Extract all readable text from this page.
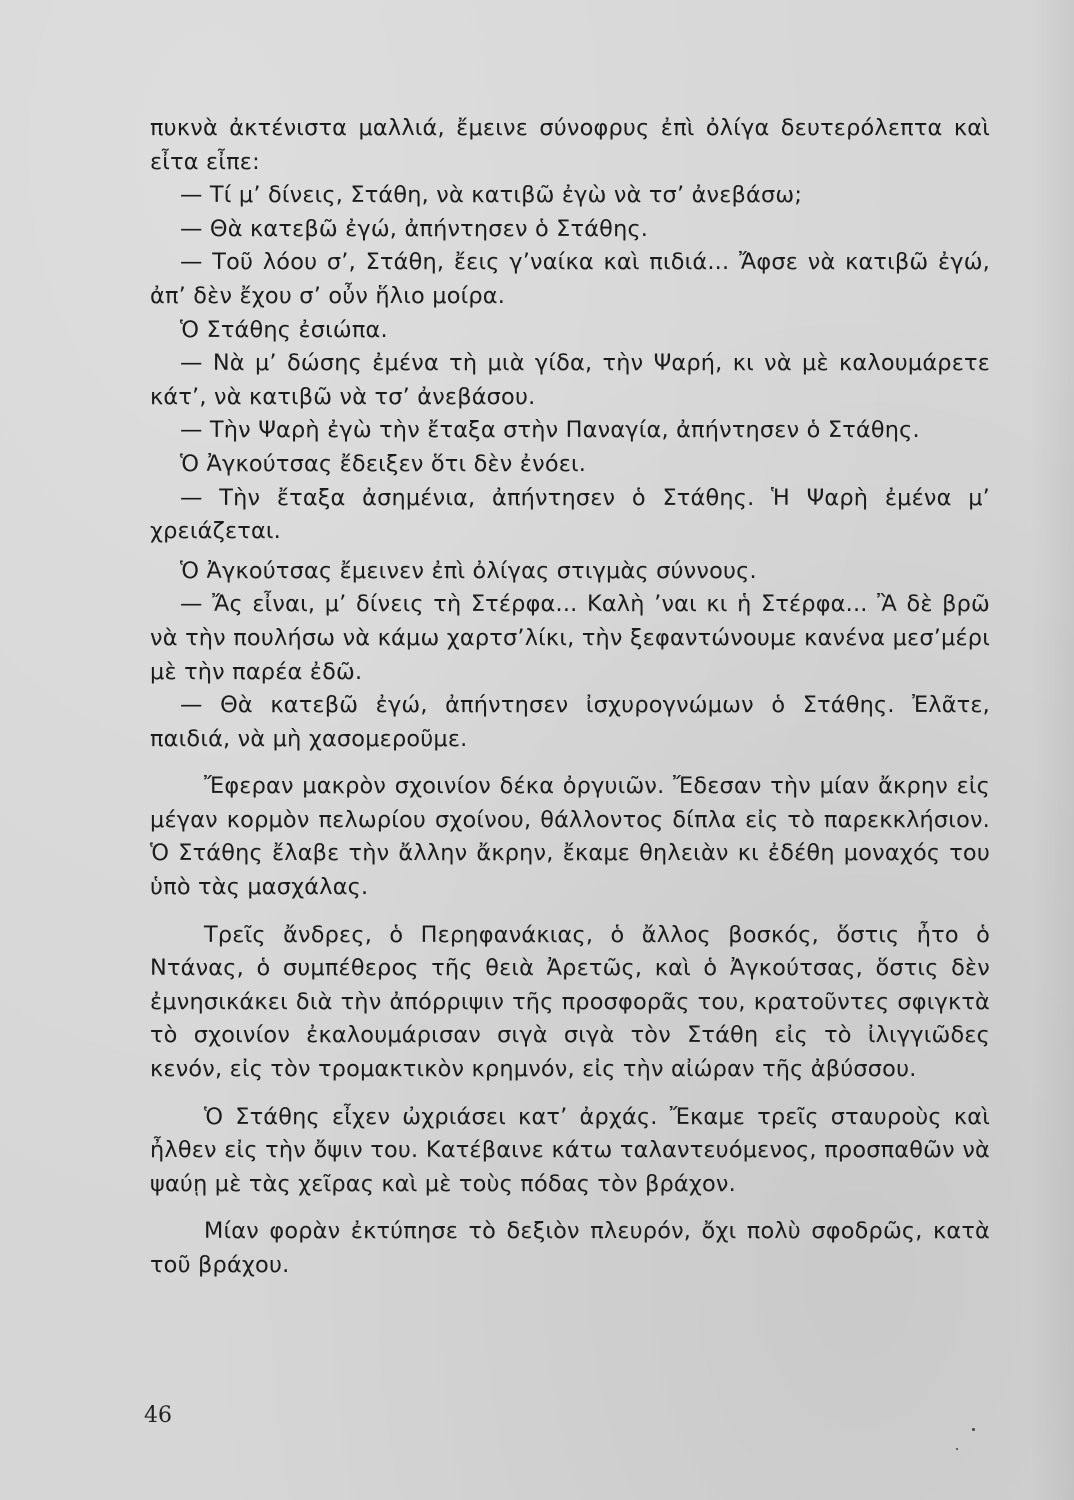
πυκνὰ ἀκτένιστα μαλλιά, ἔμεινε σύνοφρυς ἐπὶ ὀλίγα δευτερόλεπτα καὶ εἶτα εἶπε:

— Τί μ’ δίνεις, Στάθη, νὰ κατιβῶ ἐγὼ νὰ τσ’ ἀνεβάσω;

— Θὰ κατεβῶ ἐγώ, ἀπήντησεν ὁ Στάθης.

— Τοῦ λόου σ’, Στάθη, ἔεις γ’ναίκα καὶ πιδιά... Ἄφσε νὰ κατιβῶ ἐγώ, ἀπ’ δὲν ἔχου σ’ οὖν ἥλιο μοίρα.

Ὁ Στάθης ἐσιώπα.

— Νὰ μ’ δώσης ἐμένα τὴ μιὰ γίδα, τὴν Ψαρή, κι νὰ μὲ καλουμάρετε κάτ’, νὰ κατιβῶ νὰ τσ’ ἀνεβάσου.

— Τὴν Ψαρὴ ἐγὼ τὴν ἔταξα στὴν Παναγία, ἀπήντησεν ὁ Στάθης.

Ὁ Ἀγκούτσας ἔδειξεν ὅτι δὲν ἐνόει.

— Τὴν ἔταξα ἀσημένια, ἀπήντησεν ὁ Στάθης. Ἡ Ψαρὴ ἐμένα μ’ χρειάζεται.

Ὁ Ἀγκούτσας ἔμεινεν ἐπὶ ὀλίγας στιγμὰς σύννους.

— Ἄς εἶναι, μ’ δίνεις τὴ Στέρφα... Καλὴ ’ναι κι ἡ Στέρφα... Ἂ δὲ βρῶ νὰ τὴν πουλήσω νὰ κάμω χαρτσ’λίκι, τὴν ξεφαντώνουμε κανένα μεσ’μέρι μὲ τὴν παρέα ἐδῶ.

— Θὰ κατεβῶ ἐγώ, ἀπήντησεν ἰσχυρογνώμων ὁ Στάθης. Ἐλᾶτε, παιδιά, νὰ μὴ χασομεροῦμε.

Ἔφεραν μακρὸν σχοινίον δέκα ὀργυιῶν. Ἔδεσαν τὴν μίαν ἄκρην εἰς μέγαν κορμὸν πελωρίου σχοίνου, θάλλοντος δίπλα εἰς τὸ παρεκκλήσιον. Ὁ Στάθης ἔλαβε τὴν ἄλλην ἄκρην, ἔκαμε θηλειὰν κι ἐδέθη μοναχός του ὑπὸ τὰς μασχάλας.

Τρεῖς ἄνδρες, ὁ Περηφανάκιας, ὁ ἄλλος βοσκός, ὅστις ἦτο ὁ Ντάνας, ὁ συμπέθερος τῆς θειὰ Ἀρετῶς, καὶ ὁ Ἀγκούτσας, ὅστις δὲν ἐμνησικάκει διὰ τὴν ἀπόρριψιν τῆς προσφορᾶς του, κρατοῦντες σφιγκτὰ τὸ σχοινίον ἐκαλουμάρισαν σιγὰ σιγὰ τὸν Στάθη εἰς τὸ ἰλιγγιῶδες κενόν, εἰς τὸν τρομακτικὸν κρημνόν, εἰς τὴν αἰώραν τῆς ἀβύσσου.

Ὁ Στάθης εἶχεν ὠχριάσει κατ’ ἀρχάς. Ἔκαμε τρεῖς σταυροὺς καὶ ἦλθεν εἰς τὴν ὄψιν του. Κατέβαινε κάτω ταλαντευόμενος, προσπαθῶν νὰ ψαύῃ μὲ τὰς χεῖρας καὶ μὲ τοὺς πόδας τὸν βράχον.

Μίαν φορὰν ἐκτύπησε τὸ δεξιὸν πλευρόν, ὄχι πολὺ σφοδρῶς, κατὰ τοῦ βράχου.

46
